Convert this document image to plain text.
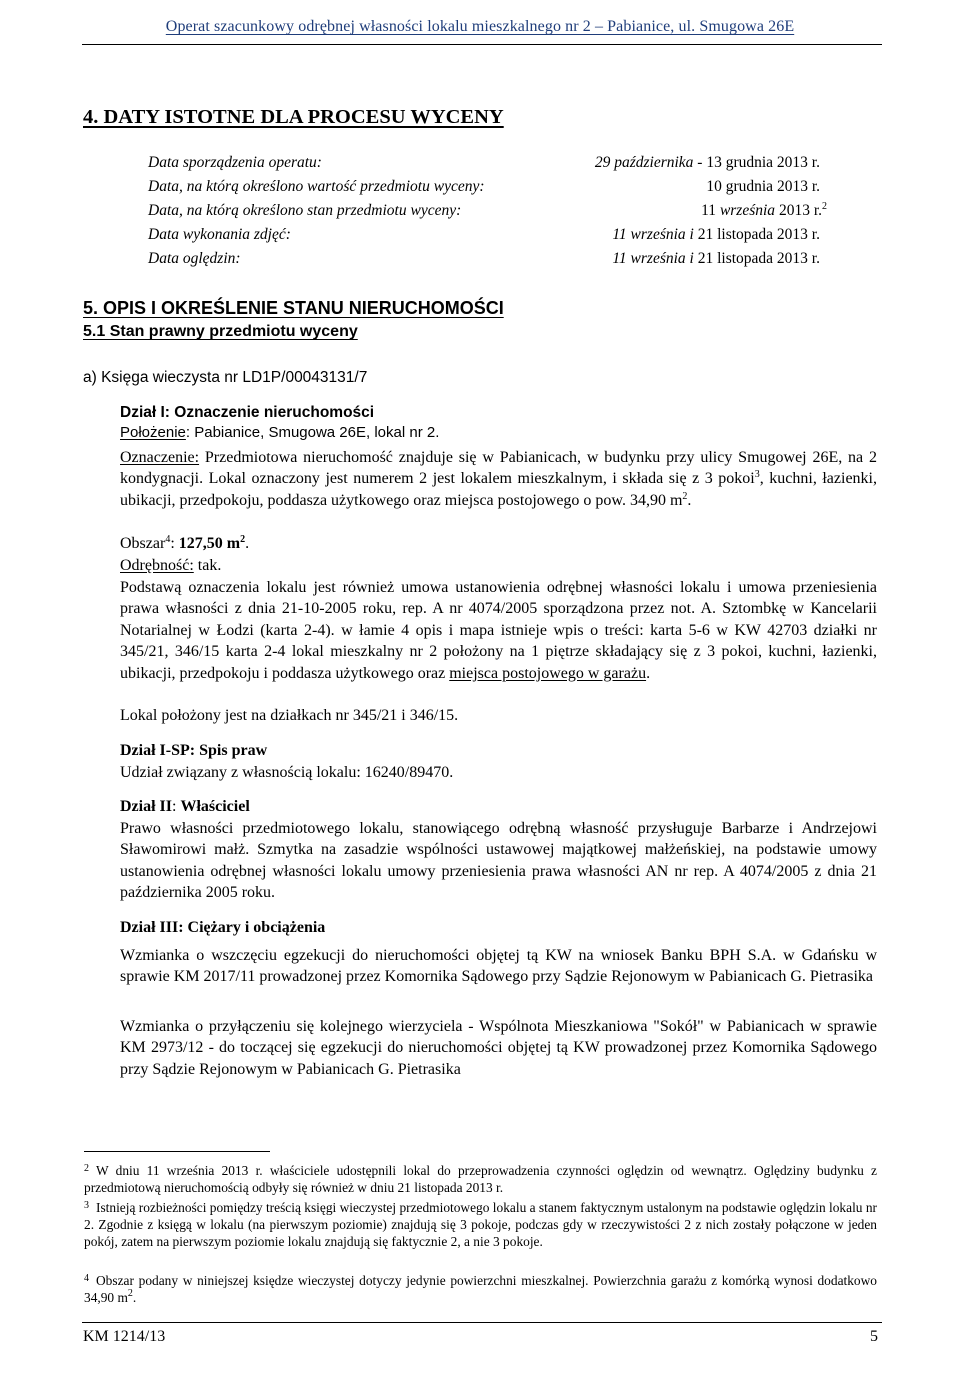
Operat szacunkowy odrębnej własności lokalu mieszkalnego nr 2 – Pabianice, ul. Smugowa 26E
4. DATY ISTOTNE DLA PROCESU WYCENY
Data sporządzenia operatu:	29 października - 13 grudnia 2013 r.
Data, na którą określono wartość przedmiotu wyceny:	10 grudnia 2013 r.
Data, na którą określono stan przedmiotu wyceny:	11 września 2013 r.$^2$
Data wykonania zdjęć:	11 września i 21 listopada 2013 r.
Data oględzin:	11 września i 21 listopada 2013 r.
5. OPIS I OKREŚLENIE STANU NIERUCHOMOŚCI
5.1 Stan prawny przedmiotu wyceny
a) Księga wieczysta nr LD1P/00043131/7
Dział I: Oznaczenie nieruchomości
Położenie: Pabianice, Smugowa 26E, lokal nr 2.
Oznaczenie: Przedmiotowa nieruchomość znajduje się w Pabianicach, w budynku przy ulicy Smugowej 26E, na 2 kondygnacji. Lokal oznaczony jest numerem 2 jest lokalem mieszkalnym, i składa się z 3 pokoi$^3$, kuchni, łazienki, ubikacji, przedpokoju, poddasza użytkowego oraz miejsca postojowego o pow. 34,90 $m^2$.
Obszar$^4$: 127,50 $m^2$.
Odrębność: tak.
Podstawą oznaczenia lokalu jest również umowa ustanowienia odrębnej własności lokalu i umowa przeniesienia prawa własności z dnia 21-10-2005 roku, rep. A nr 4074/2005 sporządzona przez not. A. Sztombkę w Kancelarii Notarialnej w Łodzi (karta 2-4). w łamie 4 opis i mapa istnieje wpis o treści: karta 5-6 w KW 42703 działki nr 345/21, 346/15 karta 2-4 lokal mieszkalny nr 2 położony na 1 piętrze składający się z 3 pokoi, kuchni, łazienki, ubikacji, przedpokoju i poddasza użytkowego oraz miejsca postojowego w garażu.
Lokal położony jest na działkach nr 345/21 i 346/15.
Dział I-SP: Spis praw
Udział związany z własnością lokalu: 16240/89470.
Dział II: Właściciel
Prawo własności przedmiotowego lokalu, stanowiącego odrębną własność przysługuje Barbarze i Andrzejowi Sławomirowi małż. Szmytka na zasadzie wspólności ustawowej majątkowej małżeńskiej, na podstawie umowy ustanowienia odrębnej własności lokalu umowy przeniesienia prawa własności AN nr rep. A 4074/2005 z dnia 21 października 2005 roku.
Dział III: Ciężary i obciążenia
Wzmianka o wszczęciu egzekucji do nieruchomości objętej tą KW na wniosek Banku BPH S.A. w Gdańsku w sprawie KM 2017/11 prowadzonej przez Komornika Sądowego przy Sądzie Rejonowym w Pabianicach G. Pietrasika
Wzmianka o przyłączeniu się kolejnego wierzyciela - Wspólnota Mieszkaniowa "Sokół" w Pabianicach w sprawie KM 2973/12 - do toczącej się egzekucji do nieruchomości objętej tą KW prowadzonej przez Komornika Sądowego przy Sądzie Rejonowym w Pabianicach G. Pietrasika
2 W dniu 11 września 2013 r. właściciele udostępnili lokal do przeprowadzenia czynności oględzin od wewnątrz. Oględziny budynku z przedmiotową nieruchomością odbyły się również w dniu 21 listopada 2013 r.
3 Istnieją rozbieżności pomiędzy treścią księgi wieczystej przedmiotowego lokalu a stanem faktycznym ustalonym na podstawie oględzin lokalu nr 2. Zgodnie z księgą w lokalu (na pierwszym poziomie) znajdują się 3 pokoje, podczas gdy w rzeczywistości 2 z nich zostały połączone w jeden pokój, zatem na pierwszym poziomie lokalu znajdują się faktycznie 2, a nie 3 pokoje.
4 Obszar podany w niniejszej księdze wieczystej dotyczy jedynie powierzchni mieszkalnej. Powierzchnia garażu z komórką wynosi dodatkowo 34,90 $m^2$.
KM 1214/13	5
